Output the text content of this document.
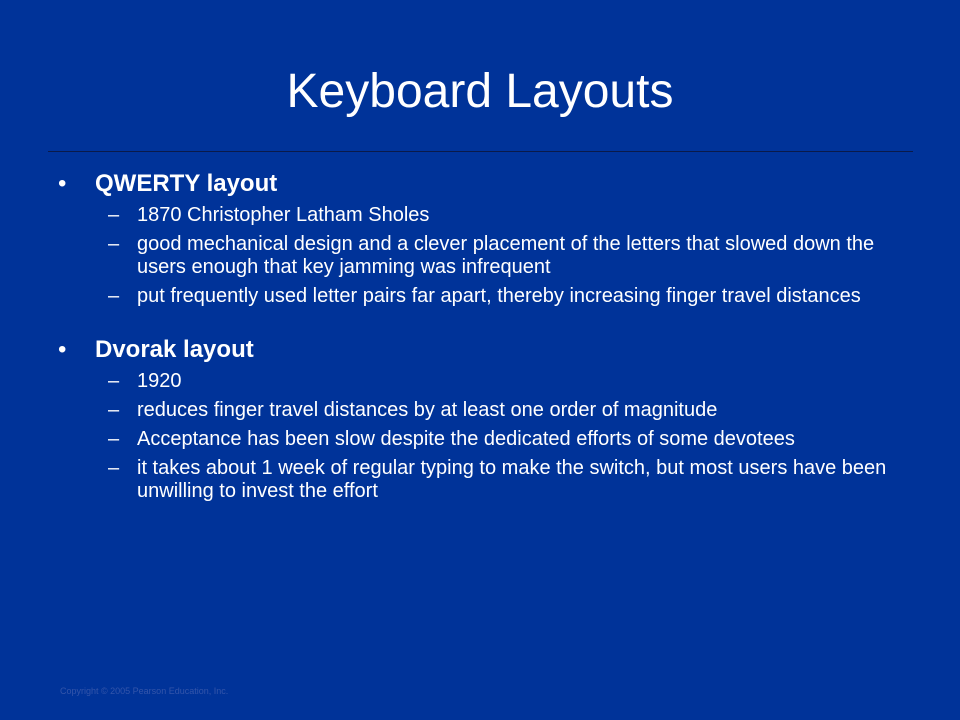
Keyboard Layouts
• QWERTY layout
– 1870 Christopher Latham Sholes
– good mechanical design and a clever placement of the letters that slowed down the users enough that key jamming was infrequent
– put frequently used letter pairs far apart, thereby increasing finger travel distances
• Dvorak layout
– 1920
– reduces finger travel distances by at least one order of magnitude
– Acceptance has been slow despite the dedicated efforts of some devotees
– it takes about 1 week of regular typing to make the switch, but most users have been unwilling to invest the effort
Copyright © 2005 Pearson Education, Inc.
